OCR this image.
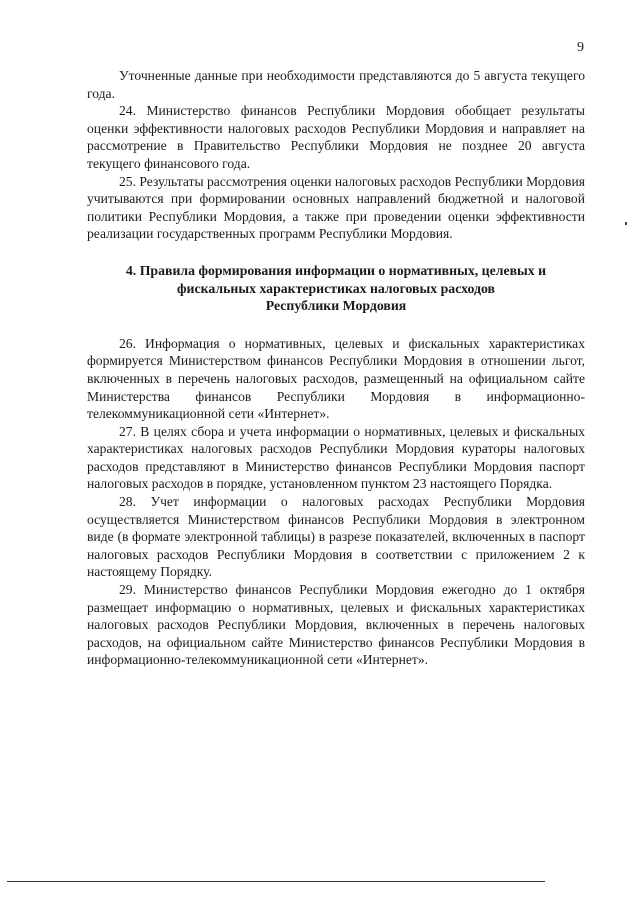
9

Уточненные данные при необходимости представляются до 5 августа текущего года.

24. Министерство финансов Республики Мордовия обобщает результаты оценки эффективности налоговых расходов Республики Мордовия и направляет на рассмотрение в Правительство Республики Мордовия не позднее 20 августа текущего финансового года.

25. Результаты рассмотрения оценки налоговых расходов Республики Мордовия учитываются при формировании основных направлений бюджетной и налоговой политики Республики Мордовия, а также при проведении оценки эффективности реализации государственных программ Республики Мордовия.

4. Правила формирования информации о нормативных, целевых и
фискальных характеристиках налоговых расходов
Республики Мордовия

26. Информация о нормативных, целевых и фискальных характеристиках формируется Министерством финансов Республики Мордовия в отношении льгот, включенных в перечень налоговых расходов, размещенный на официальном сайте Министерства финансов Республики Мордовия в информационно-телекоммуникационной сети «Интернет».

27. В целях сбора и учета информации о нормативных, целевых и фискальных характеристиках налоговых расходов Республики Мордовия кураторы налоговых расходов представляют в Министерство финансов Республики Мордовия паспорт налоговых расходов в порядке, установленном пунктом 23 настоящего Порядка.

28. Учет информации о налоговых расходах Республики Мордовия осуществляется Министерством финансов Республики Мордовия в электронном виде (в формате электронной таблицы) в разрезе показателей, включенных в паспорт налоговых расходов Республики Мордовия в соответствии с приложением 2 к настоящему Порядку.

29. Министерство финансов Республики Мордовия ежегодно до 1 октября размещает информацию о нормативных, целевых и фискальных характеристиках налоговых расходов Республики Мордовия, включенных в перечень налоговых расходов, на официальном сайте Министерство финансов Республики Мордовия в информационно-телекоммуникационной сети «Интернет».
